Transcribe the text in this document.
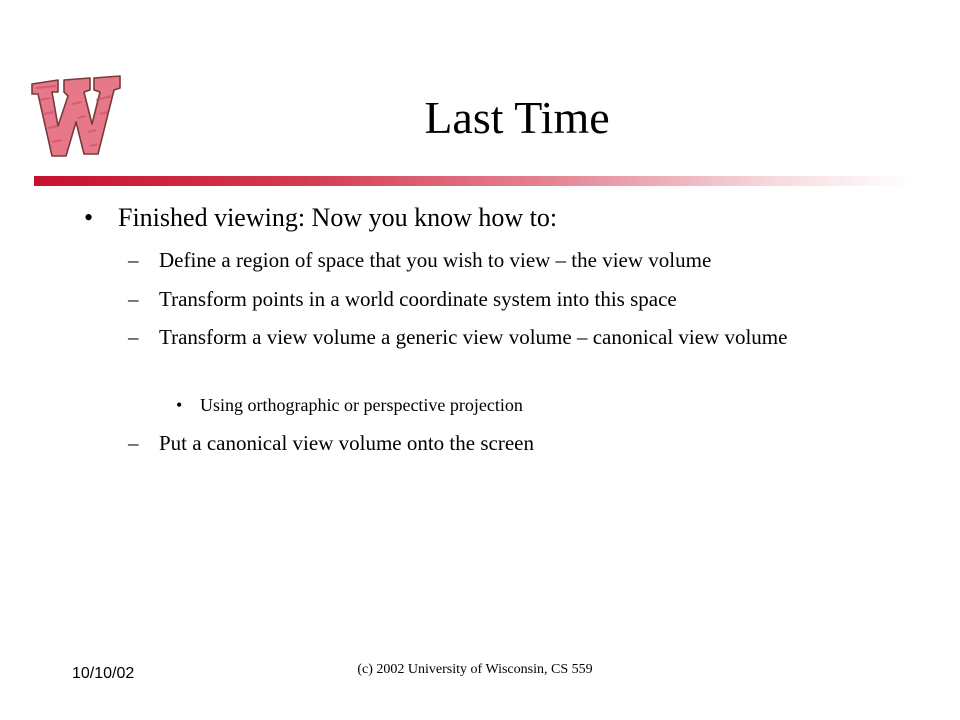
Last Time
• Finished viewing: Now you know how to:
– Define a region of space that you wish to view – the view volume
– Transform points in a world coordinate system into this space
– Transform a view volume a generic view volume – canonical view volume
• Using orthographic or perspective projection
– Put a canonical view volume onto the screen
10/10/02	(c) 2002 University of Wisconsin, CS 559
